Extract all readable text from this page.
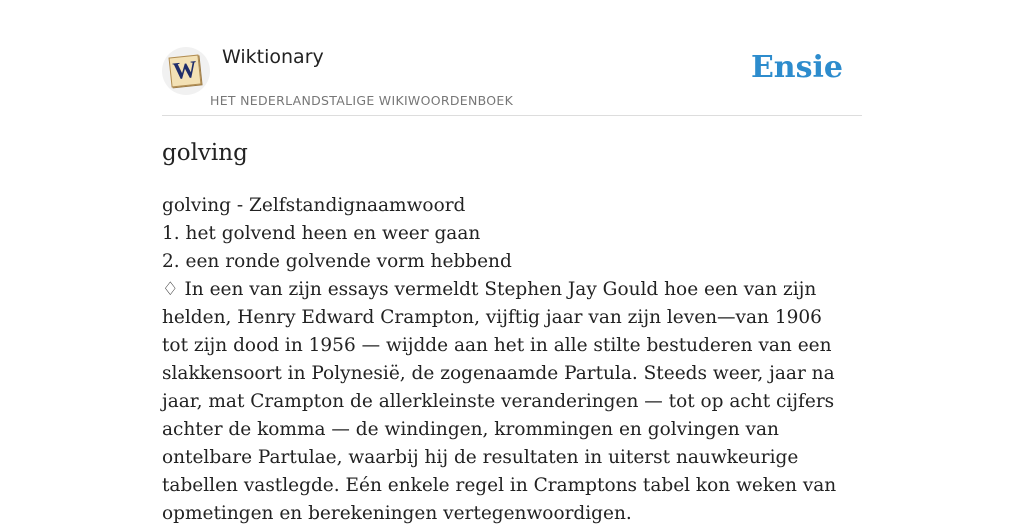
W Wiktionary
HET NEDERLANDSTALIGE WIKIWOORDENBOEK
Ensie
golving
golving - Zelfstandignaamwoord
1. het golvend heen en weer gaan
2. een ronde golvende vorm hebbend
♢ In een van zijn essays vermeldt Stephen Jay Gould hoe een van zijn helden, Henry Edward Crampton, vijftig jaar van zijn leven—van 1906 tot zijn dood in 1956 — wijdde aan het in alle stilte bestuderen van een slakkensoort in Polynesië, de zogenaamde Partula. Steeds weer, jaar na jaar, mat Crampton de allerkleinste veranderingen — tot op acht cijfers achter de komma — de windingen, krommingen en golvingen van ontelbare Partulae, waarbij hij de resultaten in uiterst nauwkeurige tabellen vastlegde. Eén enkele regel in Cramptons tabel kon weken van opmetingen en berekeningen vertegenwoordigen.
